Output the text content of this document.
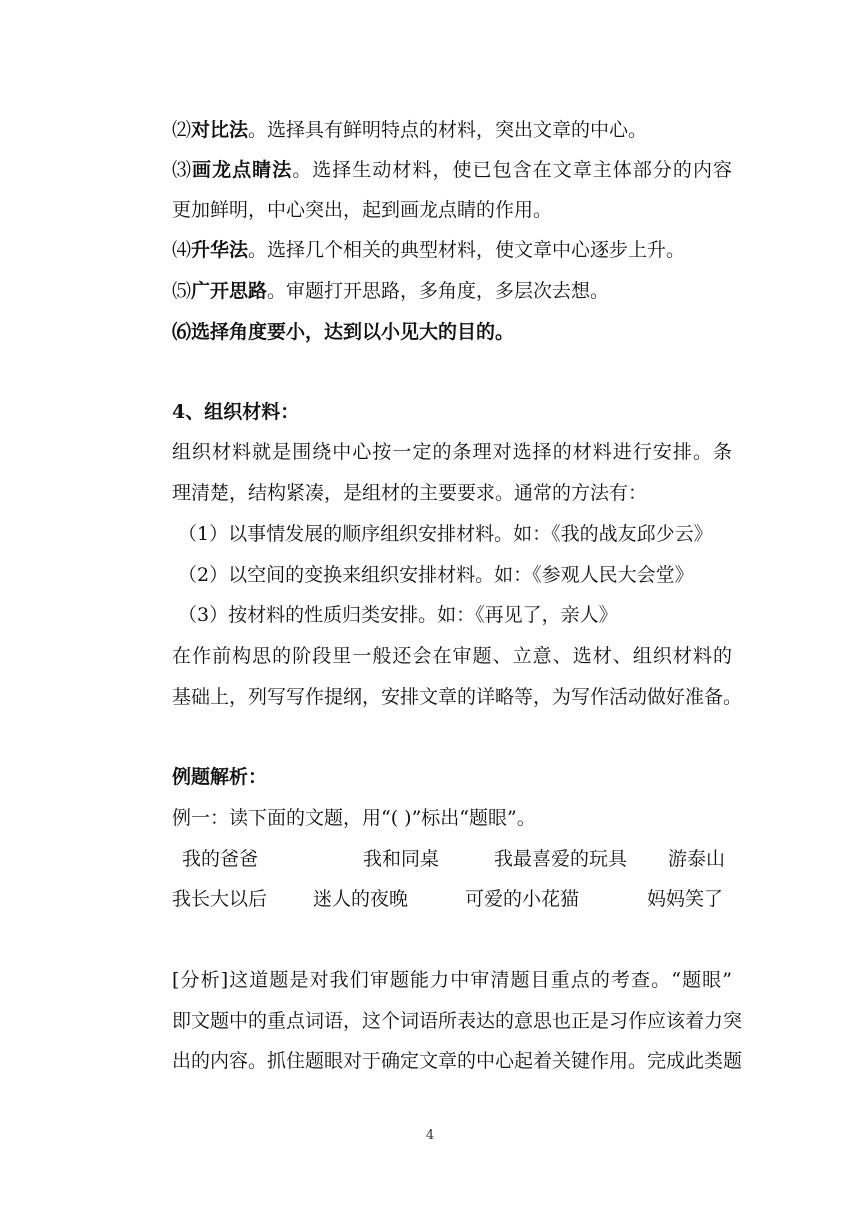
⑵对比法。选择具有鲜明特点的材料，突出文章的中心。
⑶画龙点睛法。选择生动材料，使已包含在文章主体部分的内容
更加鲜明，中心突出，起到画龙点睛的作用。
⑷升华法。选择几个相关的典型材料，使文章中心逐步上升。
⑸广开思路。审题打开思路，多角度，多层次去想。
⑹选择角度要小，达到以小见大的目的。
4、组织材料：
组织材料就是围绕中心按一定的条理对选择的材料进行安排。条
理清楚，结构紧凑，是组材的主要要求。通常的方法有：
（1）以事情发展的顺序组织安排材料。如：《我的战友邱少云》
（2）以空间的变换来组织安排材料。如：《参观人民大会堂》
（3）按材料的性质归类安排。如：《再见了，亲人》
在作前构思的阶段里一般还会在审题、立意、选材、组织材料的
基础上，列写写作提纲，安排文章的详略等，为写作活动做好准备。
例题解析：
例一：读下面的文题，用“( )”标出“题眼”。
我的爸爸	我和同桌	我最喜爱的玩具 游泰山
我长大以后 迷人的夜晚	可爱的小花猫	妈妈笑了
[分析]这道题是对我们审题能力中审清题目重点的考查。“题眼”
即文题中的重点词语，这个词语所表达的意思也正是习作应该着力突
出的内容。抓住题眼对于确定文章的中心起着关键作用。完成此类题
4
